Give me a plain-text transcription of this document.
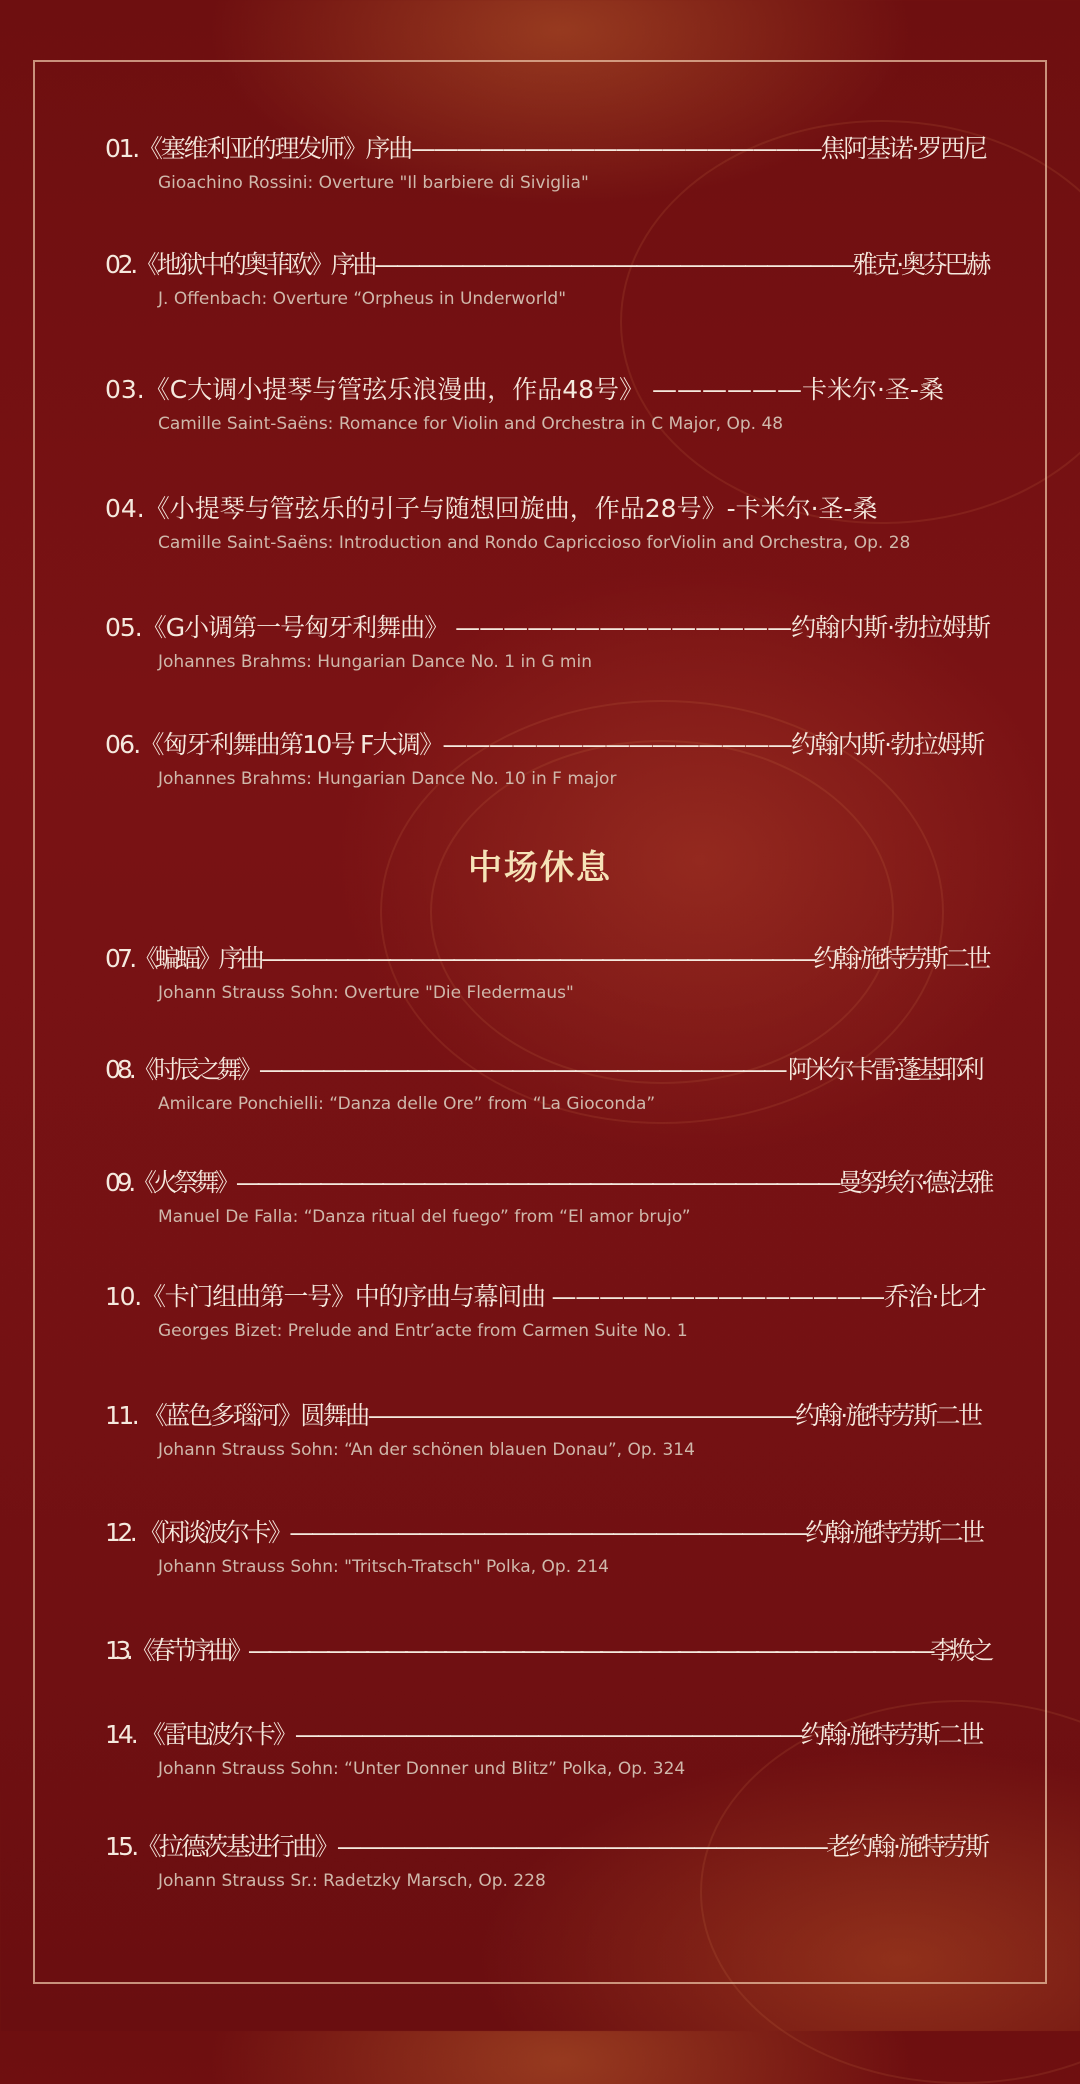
01.《塞维利亚的理发师》序曲——————————————————焦阿基诺·罗西尼
Gioachino Rossini: Overture "Il barbiere di Siviglia"
02.《地狱中的奥菲欧》序曲——————————————————————雅克·奥芬巴赫
J. Offenbach: Overture “Orpheus in Underworld"
03.《C大调小提琴与管弦乐浪漫曲，作品48号》 ——————卡米尔·圣-桑
Camille Saint-Saëns: Romance for Violin and Orchestra in C Major, Op. 48
04.《小提琴与管弦乐的引子与随想回旋曲，作品28号》-卡米尔·圣-桑
Camille Saint-Saëns: Introduction and Rondo Capriccioso forViolin and Orchestra, Op. 28
05.《G小调第一号匈牙利舞曲》 ——————————————约翰内斯·勃拉姆斯
Johannes Brahms: Hungarian Dance No. 1 in G min
06.《匈牙利舞曲第10号 F大调》———————————————约翰内斯·勃拉姆斯
Johannes Brahms: Hungarian Dance No. 10 in F major
中场休息
07.《蝙蝠》序曲——————————————————————————约翰·施特劳斯二世
Johann Strauss Sohn: Overture "Die Fledermaus"
08.《时辰之舞》————————————————————————— 阿米尔卡雷·蓬基耶利
Amilcare Ponchielli: “Danza delle Ore” from “La Gioconda”
09.《火祭舞》—————————————————————————————曼努埃尔·德·法雅
Manuel De Falla: “Danza ritual del fuego” from “El amor brujo”
10.《卡门组曲第一号》中的序曲与幕间曲 ——————————————乔治·比才
Georges Bizet: Prelude and Entr’acte from Carmen Suite No. 1
11. 《蓝色多瑙河》圆舞曲———————————————————约翰·施特劳斯二世
Johann Strauss Sohn: “An der schönen blauen Donau”, Op. 314
12. 《闲谈波尔卡》————————————————————————约翰·施特劳斯二世
Johann Strauss Sohn: "Tritsch-Tratsch" Polka, Op. 214
13. 《春节序曲》———————————————————————————————————李焕之
14. 《雷电波尔卡》———————————————————————约翰·施特劳斯二世
Johann Strauss Sohn: “Unter Donner und Blitz” Polka, Op. 324
15.《拉德茨基进行曲》——————————————————————老约翰·施特劳斯
Johann Strauss Sr.: Radetzky Marsch, Op. 228
